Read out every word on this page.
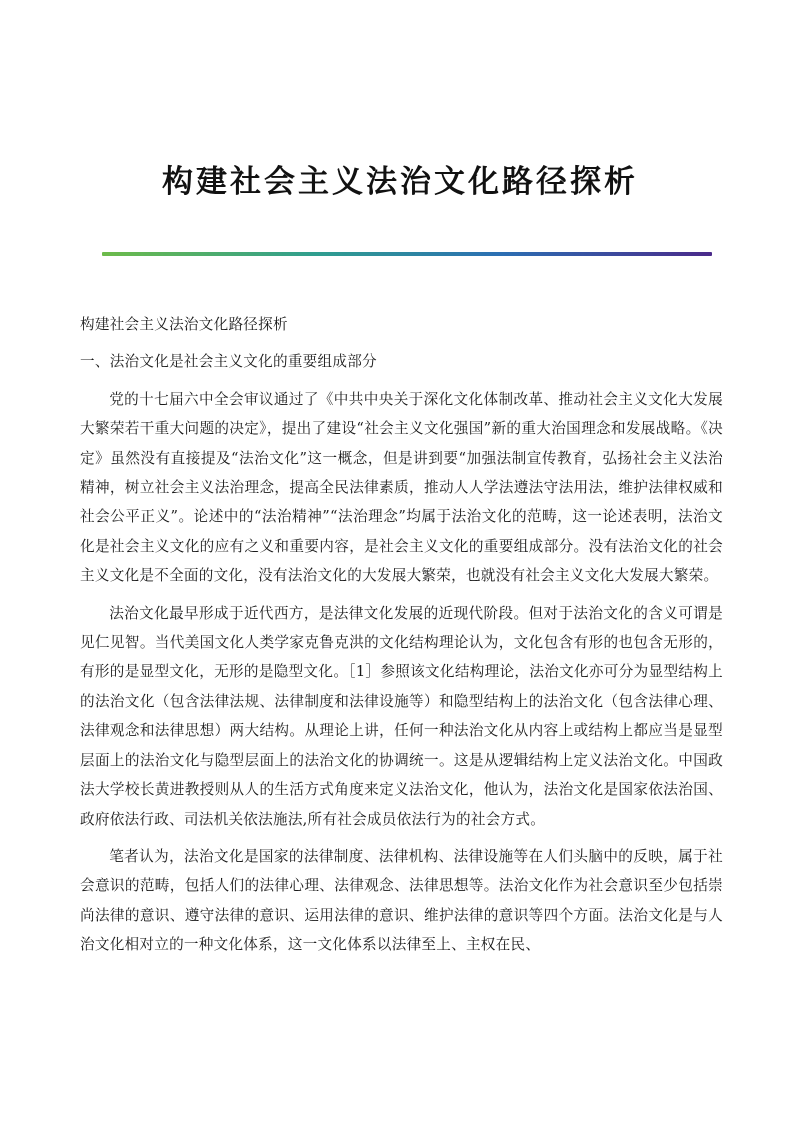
构建社会主义法治文化路径探析

构建社会主义法治文化路径探析

一、法治文化是社会主义文化的重要组成部分

党的十七届六中全会审议通过了《中共中央关于深化文化体制改革、推动社会主义文化大发展大繁荣若干重大问题的决定》，提出了建设“社会主义文化强国”新的重大治国理念和发展战略。《决定》虽然没有直接提及“法治文化”这一概念，但是讲到要“加强法制宣传教育，弘扬社会主义法治精神，树立社会主义法治理念，提高全民法律素质，推动人人学法遵法守法用法，维护法律权威和社会公平正义”。论述中的“法治精神”“法治理念”均属于法治文化的范畴，这一论述表明，法治文化是社会主义文化的应有之义和重要内容，是社会主义文化的重要组成部分。没有法治文化的社会主义文化是不全面的文化，没有法治文化的大发展大繁荣，也就没有社会主义文化大发展大繁荣。

法治文化最早形成于近代西方，是法律文化发展的近现代阶段。但对于法治文化的含义可谓是见仁见智。当代美国文化人类学家克鲁克洪的文化结构理论认为，文化包含有形的也包含无形的，有形的是显型文化，无形的是隐型文化。［1］参照该文化结构理论，法治文化亦可分为显型结构上的法治文化（包含法律法规、法律制度和法律设施等）和隐型结构上的法治文化（包含法律心理、法律观念和法律思想）两大结构。从理论上讲，任何一种法治文化从内容上或结构上都应当是显型层面上的法治文化与隐型层面上的法治文化的协调统一。这是从逻辑结构上定义法治文化。中国政法大学校长黄进教授则从人的生活方式角度来定义法治文化，他认为，法治文化是国家依法治国、政府依法行政、司法机关依法施法,所有社会成员依法行为的社会方式。

笔者认为，法治文化是国家的法律制度、法律机构、法律设施等在人们头脑中的反映，属于社会意识的范畴，包括人们的法律心理、法律观念、法律思想等。法治文化作为社会意识至少包括崇尚法律的意识、遵守法律的意识、运用法律的意识、维护法律的意识等四个方面。法治文化是与人治文化相对立的一种文化体系，这一文化体系以法律至上、主权在民、
